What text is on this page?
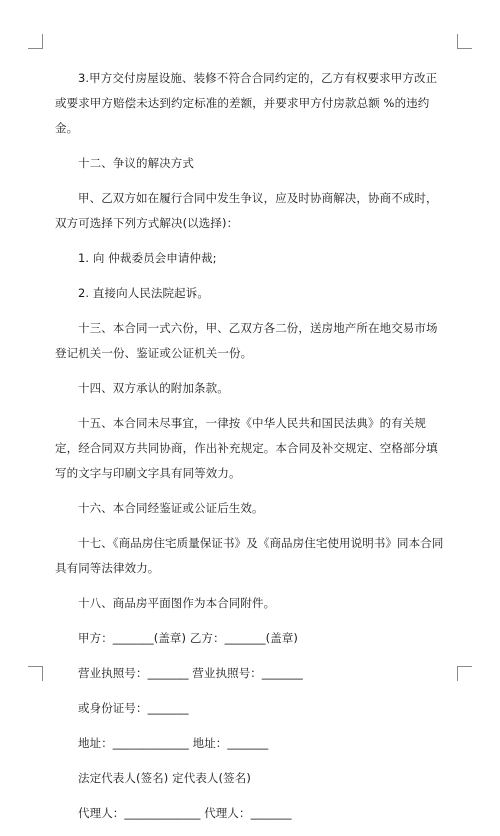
3.甲方交付房屋设施、装修不符合合同约定的，乙方有权要求甲方改正或要求甲方赔偿未达到约定标准的差额，并要求甲方付房款总额 %的违约金。

十二、争议的解决方式

甲、乙双方如在履行合同中发生争议，应及时协商解决，协商不成时，双方可选择下列方式解决(以选择)：

1. 向 仲裁委员会申请仲裁;

2. 直接向人民法院起诉。

十三、本合同一式六份，甲、乙双方各二份，送房地产所在地交易市场登记机关一份、鉴证或公证机关一份。

十四、双方承认的附加条款。

十五、本合同未尽事宜，一律按《中华人民共和国民法典》的有关规定，经合同双方共同协商，作出补充规定。本合同及补交规定、空格部分填写的文字与印刷文字具有同等效力。

十六、本合同经鉴证或公证后生效。

十七、《商品房住宅质量保证书》及《商品房住宅使用说明书》同本合同具有同等法律效力。

十八、商品房平面图作为本合同附件。

甲方：_______(盖章) 乙方：_______(盖章)

营业执照号：_______ 营业执照号：_______

或身份证号：_______

地址：_____________ 地址：_______

法定代表人(签名) 定代表人(签名)

代理人：_____________ 代理人：_______
